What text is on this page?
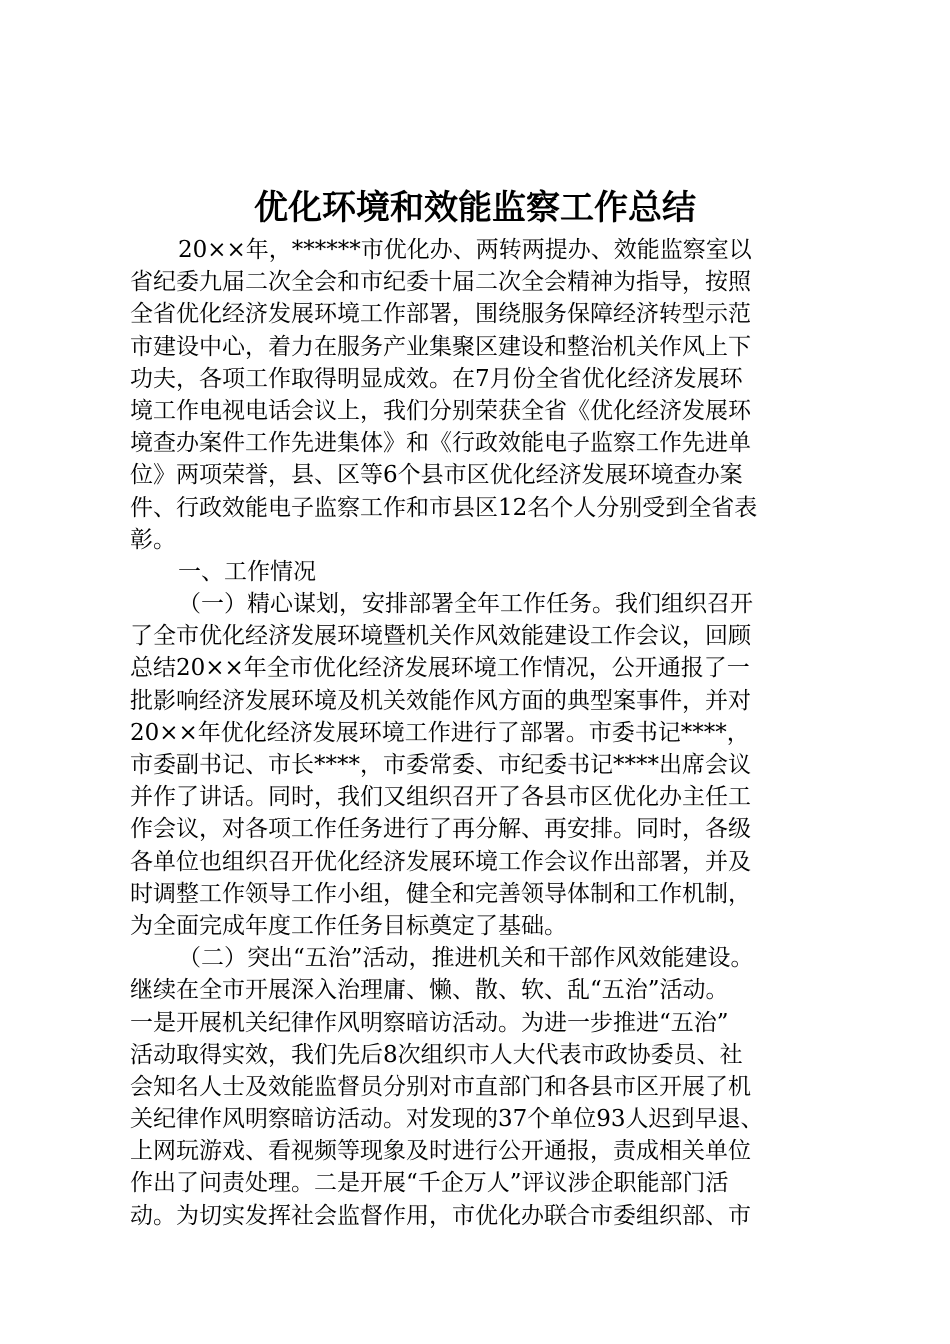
优化环境和效能监察工作总结
20××年，******市优化办、两转两提办、效能监察室以
省纪委九届二次全会和市纪委十届二次全会精神为指导，按照
全省优化经济发展环境工作部署，围绕服务保障经济转型示范
市建设中心，着力在服务产业集聚区建设和整治机关作风上下
功夫，各项工作取得明显成效。在7月份全省优化经济发展环
境工作电视电话会议上，我们分别荣获全省《优化经济发展环
境查办案件工作先进集体》和《行政效能电子监察工作先进单
位》两项荣誉，县、区等6个县市区优化经济发展环境查办案
件、行政效能电子监察工作和市县区12名个人分别受到全省表
彰。
一、工作情况
（一）精心谋划，安排部署全年工作任务。我们组织召开
了全市优化经济发展环境暨机关作风效能建设工作会议，回顾
总结20××年全市优化经济发展环境工作情况，公开通报了一
批影响经济发展环境及机关效能作风方面的典型案事件，并对
20××年优化经济发展环境工作进行了部署。市委书记****，
市委副书记、市长****，市委常委、市纪委书记****出席会议
并作了讲话。同时，我们又组织召开了各县市区优化办主任工
作会议，对各项工作任务进行了再分解、再安排。同时，各级
各单位也组织召开优化经济发展环境工作会议作出部署，并及
时调整工作领导工作小组，健全和完善领导体制和工作机制，
为全面完成年度工作任务目标奠定了基础。
（二）突出“五治”活动，推进机关和干部作风效能建设。
继续在全市开展深入治理庸、懒、散、软、乱“五治”活动。
一是开展机关纪律作风明察暗访活动。为进一步推进“五治”
活动取得实效，我们先后8次组织市人大代表市政协委员、社
会知名人士及效能监督员分别对市直部门和各县市区开展了机
关纪律作风明察暗访活动。对发现的37个单位93人迟到早退、
上网玩游戏、看视频等现象及时进行公开通报，责成相关单位
作出了问责处理。二是开展“千企万人”评议涉企职能部门活
动。为切实发挥社会监督作用，市优化办联合市委组织部、市
